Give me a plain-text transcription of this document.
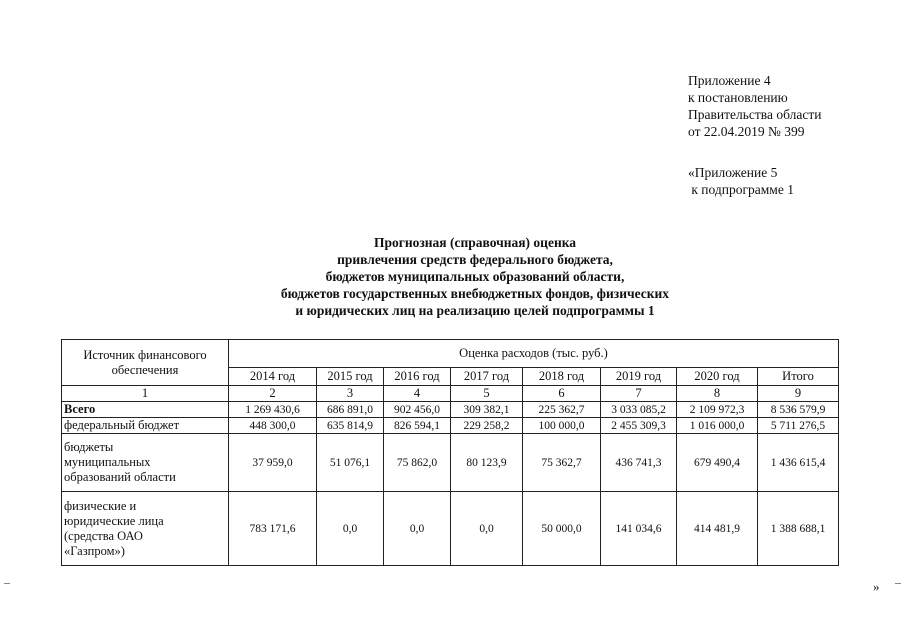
Приложение 4
к постановлению
Правительства области
от 22.04.2019 № 399
«Приложение 5
к подпрограмме 1
Прогнозная (справочная) оценка
привлечения средств федерального бюджета,
бюджетов муниципальных образований области,
бюджетов государственных внебюджетных фондов, физических
и юридических лиц на реализацию целей подпрограммы 1
Источник финансового обеспечения	Оценка расходов (тыс. руб.)							
	2014 год	2015 год	2016 год	2017 год	2018 год	2019 год	2020 год	Итого
1	2	3	4	5	6	7	8	9
Всего	1 269 430,6	686 891,0	902 456,0	309 382,1	225 362,7	3 033 085,2	2 109 972,3	8 536 579,9
федеральный бюджет	448 300,0	635 814,9	826 594,1	229 258,2	100 000,0	2 455 309,3	1 016 000,0	5 711 276,5
бюджеты муниципальных образований области	37 959,0	51 076,1	75 862,0	80 123,9	75 362,7	436 741,3	679 490,4	1 436 615,4
физические и юридические лица (средства ОАО «Газпром»)	783 171,6	0,0	0,0	0,0	50 000,0	141 034,6	414 481,9	1 388 688,1
»
